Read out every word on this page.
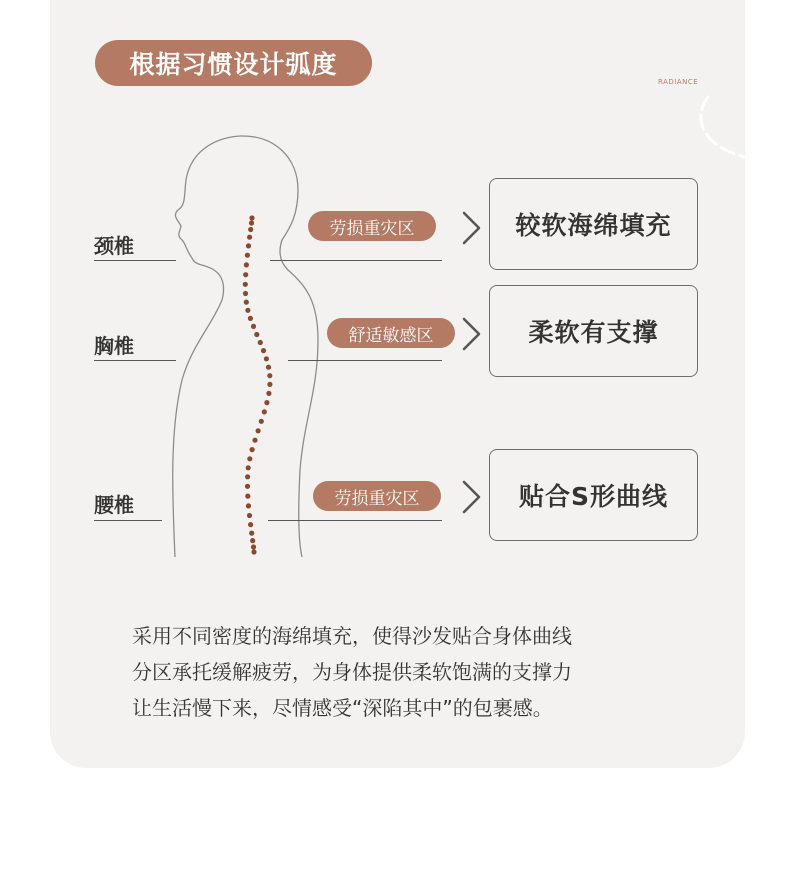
根据习惯设计弧度
RADIANCE
颈椎
胸椎
腰椎
劳损重灾区
舒适敏感区
劳损重灾区
较软海绵填充
柔软有支撑
贴合S形曲线
采用不同密度的海绵填充，使得沙发贴合身体曲线
分区承托缓解疲劳，为身体提供柔软饱满的支撑力
让生活慢下来，尽情感受“深陷其中”的包裹感。
